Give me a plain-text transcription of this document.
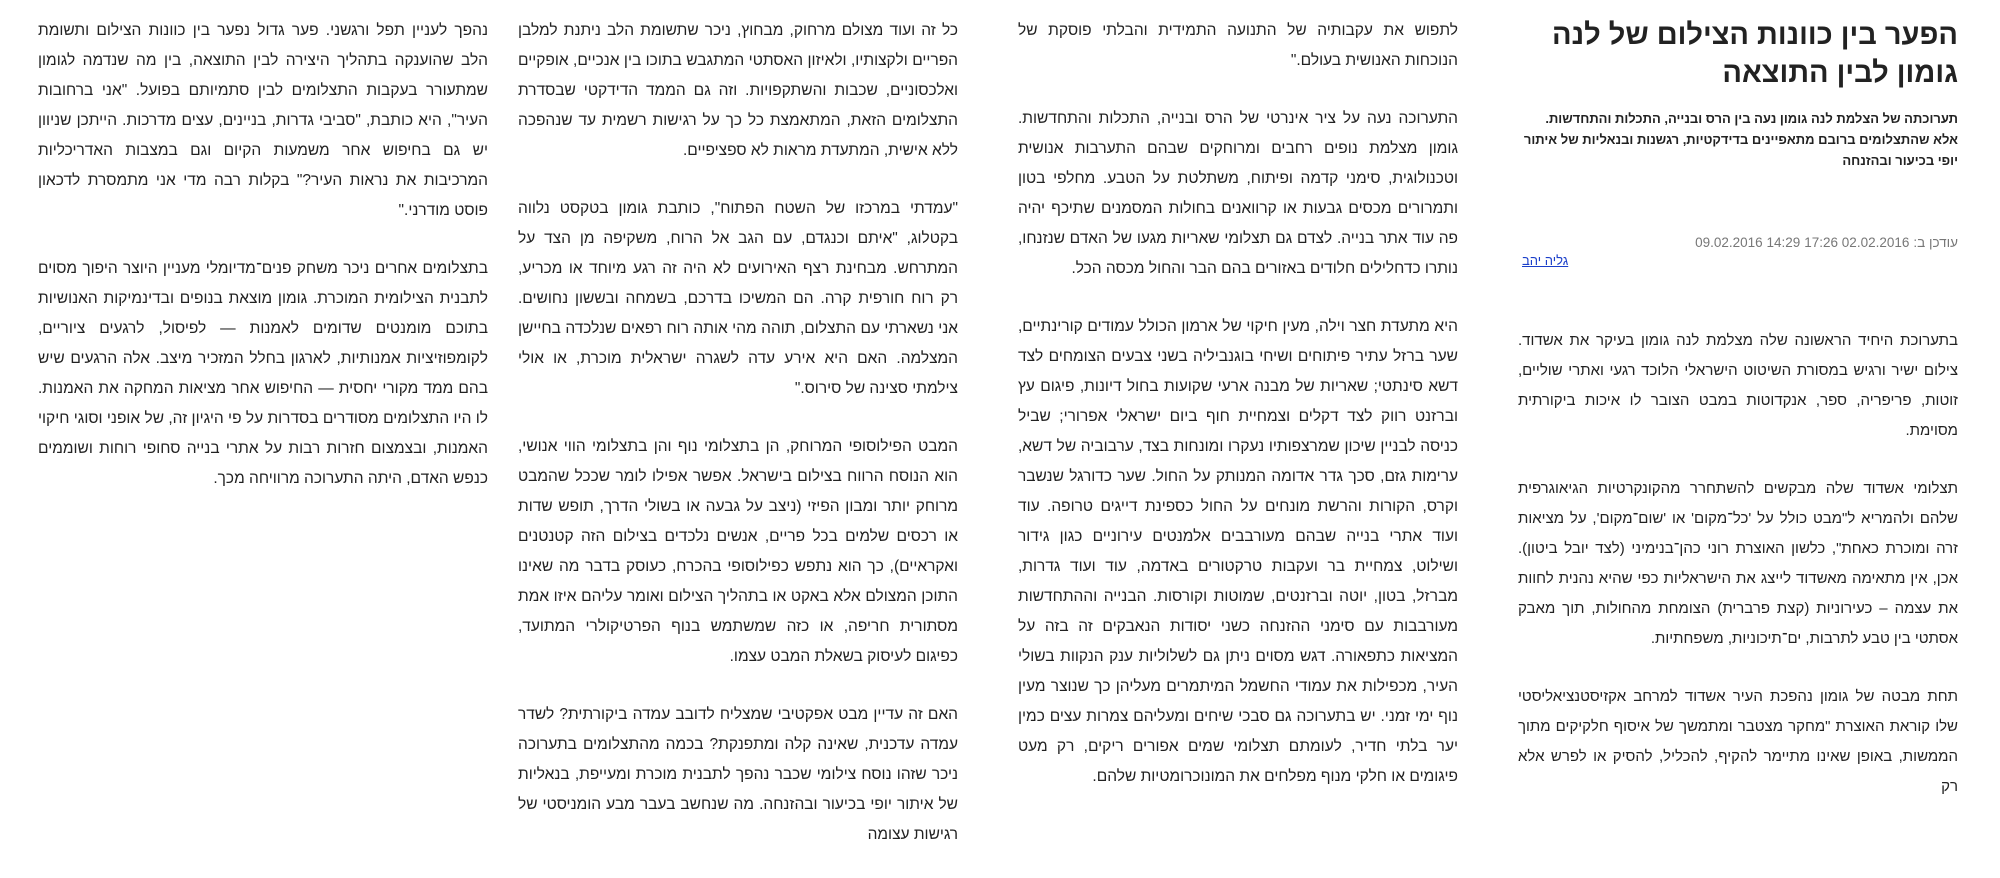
הפער בין כוונות הצילום של לנה גומון לבין התוצאה
תערוכתה של הצלמת לנה גומון נעה בין הרס ובנייה, התכלות והתחדשות. אלא שהתצלומים ברובם מתאפיינים בדידקטיות, רגשנות ובנאליות של איתור יופי בכיעור ובהזנחה
09.02.2016 14:29	עודכן ב:02.02.2016 17:26
גליה יהב

בתערוכת היחיד הראשונה שלה מצלמת לנה גומון בעיקר את אשדוד. צילום ישיר ורגיש במסורת השיטוט הישראלי הלוכד רגעי ואתרי שוליים, זוטות, פריפריה, ספר, אנקדוטות במבט הצובר לו איכות ביקורתית מסוימת.

תצלומי אשדוד שלה מבקשים להשתחרר מהקונקרטיות הגיאוגרפית שלהם ולהמריא ל"מבט כולל על 'כל־מקום' או 'שום־מקום', על מציאות זרה ומוכרת כאחת", כלשון האוצרת רוני כהן־בנימיני (לצד יובל ביטון). אכן, אין מתאימה מאשדוד לייצג את הישראליות כפי שהיא נהנית לחוות את עצמה – כעירוניות (קצת פרברית) הצומחת מהחולות, תוך מאבק אסתטי בין טבע לתרבות, ים־תיכוניות, משפחתיות.

תחת מבטה של גומון נהפכת העיר אשדוד למרחב אקזיסטנציאליסטי שלו קוראת האוצרת "מחקר מצטבר ומתמשך של איסוף חלקיקים מתוך הממשות, באופן שאינו מתיימר להקיף, להכליל, להסיק או לפרש אלא רק

לתפוש את עקבותיה של התנועה התמידית והבלתי פוסקת של הנוכחות האנושית בעולם."

התערוכה נעה על ציר אינרטי של הרס ובנייה, התכלות והתחדשות. גומון מצלמת נופים רחבים ומרוחקים שבהם התערבות אנושית וטכנולוגית, סימני קדמה ופיתוח, משתלטת על הטבע. מחלפי בטון ותמרורים מכסים גבעות או קרוואנים בחולות המסמנים שתיכף יהיה פה עוד אתר בנייה. לצדם גם תצלומי שאריות מגעו של האדם שנזנחו, נותרו כדחלילים חלודים באזורים בהם הבר והחול מכסה הכל.

היא מתעדת חצר וילה, מעין חיקוי של ארמון הכולל עמודים קורינתיים, שער ברזל עתיר פיתוחים ושיחי בוגנביליה בשני צבעים הצומחים לצד דשא סינתטי; שאריות של מבנה ארעי שקועות בחול דיונות, פיגום עץ וברזנט רווק לצד דקלים וצמחיית חוף ביום ישראלי אפרורי; שביל כניסה לבניין שיכון שמרצפותיו נעקרו ומונחות בצד, ערבוביה של דשא, ערימות גזם, סכך גדר אדומה המנותק על החול. שער כדורגל שנשבר וקרס, הקורות והרשת מונחים על החול כספינת דייגים טרופה. עוד ועוד אתרי בנייה שבהם מעורבבים אלמנטים עירוניים כגון גידור ושילוט, צמחיית בר ועקבות טרקטורים באדמה, עוד ועוד גדרות, מברזל, בטון, יוטה וברזנטים, שמוטות וקורסות. הבנייה וההתחדשות מעורבבות עם סימני ההזנחה כשני יסודות הנאבקים זה בזה על המציאות כתפאורה. דגש מסוים ניתן גם לשלוליות ענק הנקוות בשולי העיר, מכפילות את עמודי החשמל המיתמרים מעליהן כך שנוצר מעין נוף ימי זמני. יש בתערוכה גם סבכי שיחים ומעליהם צמרות עצים כמין יער בלתי חדיר, לעומתם תצלומי שמים אפורים ריקים, רק מעט פיגומים או חלקי מנוף מפלחים את המונוכרומטיות שלהם.

כל זה ועוד מצולם מרחוק, מבחוץ, ניכר שתשומת הלב ניתנת למלבן הפריים ולקצותיו, ולאיזון האסתטי המתגבש בתוכו בין אנכיים, אופקיים ואלכסוניים, שכבות והשתקפויות. וזה גם הממד הדידקטי שבסדרת התצלומים הזאת, המתאמצת כל כך על רגישות רשמית עד שנהפכה ללא אישית, המתעדת מראות לא ספציפיים.

"עמדתי במרכזו של השטח הפתוח", כותבת גומון בטקסט נלווה בקטלוג, "איתם וכנגדם, עם הגב אל הרוח, משקיפה מן הצד על המתרחש. מבחינת רצף האירועים לא היה זה רגע מיוחד או מכריע, רק רוח חורפית קרה. הם המשיכו בדרכם, בשמחה ובששון נחושים. אני נשארתי עם התצלום, תוהה מהי אותה רוח רפאים שנלכדה בחיישן המצלמה. האם היא אירע עדה לשגרה ישראלית מוכרת, או אולי צילמתי סצינה של סירוס."

המבט הפילוסופי המרוחק, הן בתצלומי נוף והן בתצלומי הווי אנושי, הוא הנוסח הרווח בצילום בישראל. אפשר אפילו לומר שככל שהמבט מרוחק יותר ומבון הפיזי (ניצב על גבעה או בשולי הדרך, תופש שדות או רכסים שלמים בכל פריים, אנשים נלכדים בצילום הזה קטנטנים ואקראיים), כך הוא נתפש כפילוסופי בהכרח, כעוסק בדבר מה שאינו התוכן המצולם אלא באקט או בתהליך הצילום ואומר עליהם איזו אמת מסתורית חריפה, או כזה שמשתמש בנוף הפרטיקולרי המתועד, כפיגום לעיסוק בשאלת המבט עצמו.

האם זה עדיין מבט אפקטיבי שמצליח לדובב עמדה ביקורתית? לשדר עמדה עדכנית, שאינה קלה ומתפנקת? בכמה מהתצלומים בתערוכה ניכר שזהו נוסח צילומי שכבר נהפך לתבנית מוכרת ומעייפת, בנאליות של איתור יופי בכיעור ובהזנחה. מה שנחשב בעבר מבע הומניסטי של רגישות עצומה

נהפך לעניין תפל ורגשני. פער גדול נפער בין כוונות הצילום ותשומת הלב שהוענקה בתהליך היצירה לבין התוצאה, בין מה שנדמה לגומון שמתעורר בעקבות התצלומים לבין סתמיותם בפועל. "אני ברחובות העיר", היא כותבת, "סביבי גדרות, בניינים, עצים מדרכות. הייתכן שניוון יש גם בחיפוש אחר משמעות הקיום וגם במצבות האדריכליות המרכיבות את נראות העיר?" בקלות רבה מדי אני מתמסרת לדכאון פוסט מודרני."

בתצלומים אחרים ניכר משחק פנים־מדיומלי מעניין היוצר היפוך מסוים לתבנית הצילומית המוכרת. גומון מוצאת בנופים ובדינמיקות האנושיות בתוכם מומנטים שדומים לאמנות — לפיסול, לרגעים ציוריים, לקומפוזיציות אמנותיות, לארגון בחלל המזכיר מיצב. אלה הרגעים שיש בהם ממד מקורי יחסית — החיפוש אחר מציאות המחקה את האמנות. לו היו התצלומים מסודרים בסדרות על פי היגיון זה, של אופני וסוגי חיקוי האמנות, ובצמצום חזרות רבות על אתרי בנייה סחופי רוחות ושוממים כנפש האדם, היתה התערוכה מרוויחה מכך.
